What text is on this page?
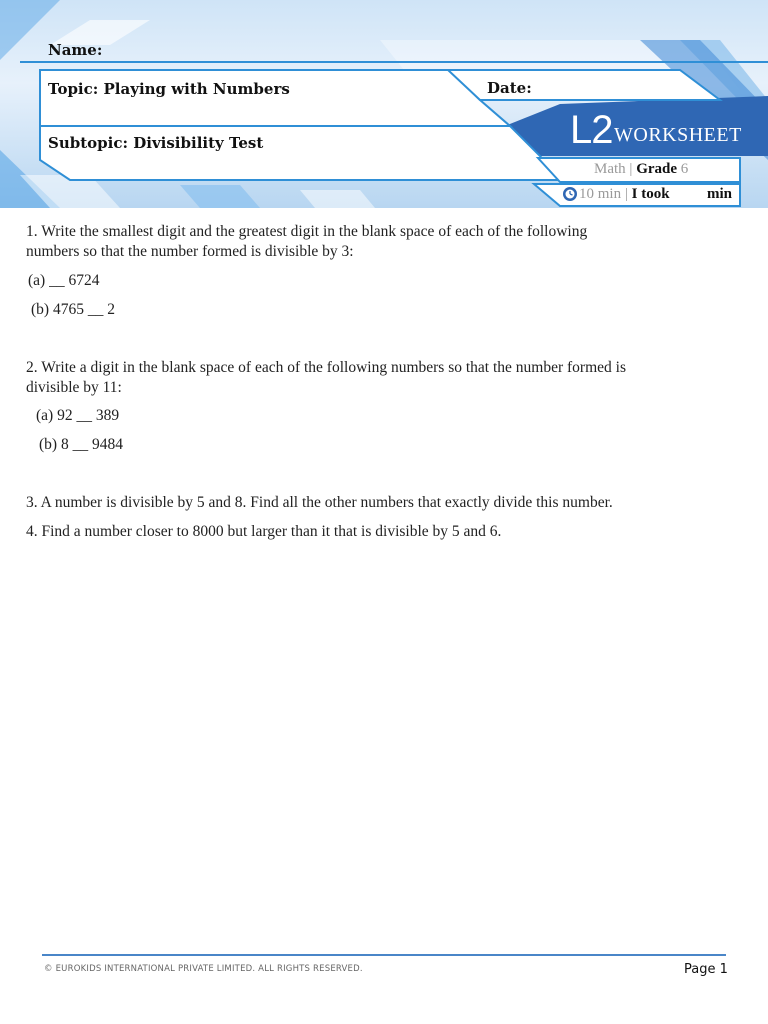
Name:
Topic: Playing with Numbers	Date:
Subtopic: Divisibility Test	L2 WORKSHEET
Math | Grade 6
10 min | I took min

1. Write the smallest digit and the greatest digit in the blank space of each of the following

numbers so that the number formed is divisible by 3:

(a) __ 6724

(b) 4765 __ 2

2. Write a digit in the blank space of each of the following numbers so that the number formed is

divisible by 11:

(a) 92 __ 389

(b) 8 __ 9484

3. A number is divisible by 5 and 8. Find all the other numbers that exactly divide this number.

4. Find a number closer to 8000 but larger than it that is divisible by 5 and 6.

© EUROKIDS INTERNATIONAL PRIVATE LIMITED. ALL RIGHTS RESERVED.	Page 1
